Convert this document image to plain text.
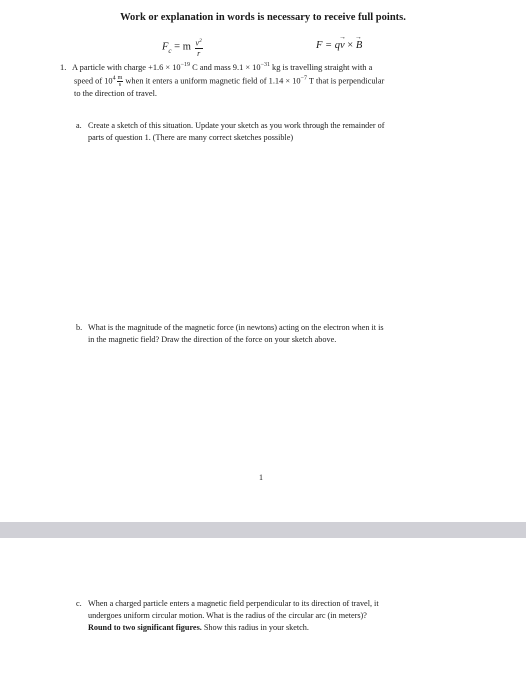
Work or explanation in words is necessary to receive full points.
$F_c = m \frac{v^2}{r}$	F = q→ v × → B
1. A particle with charge $+1.6 \times 10^{-19}$ C and mass $9.1 \times 10^{-31}$ kg is travelling straight with a
speed of $10^4 \frac{m}{s}$ when it enters a uniform magnetic field of $1.14 \times 10^{-7}$ T that is perpendicular
to the direction of travel.
a. Create a sketch of this situation. Update your sketch as you work through the remainder of
parts of question 1. (There are many correct sketches possible)
b. What is the magnitude of the magnetic force (in newtons) acting on the electron when it is
in the magnetic field? Draw the direction of the force on your sketch above.
1
c. When a charged particle enters a magnetic field perpendicular to its direction of travel, it
undergoes uniform circular motion. What is the radius of the circular arc (in meters)?
Round to two significant figures. Show this radius in your sketch.
